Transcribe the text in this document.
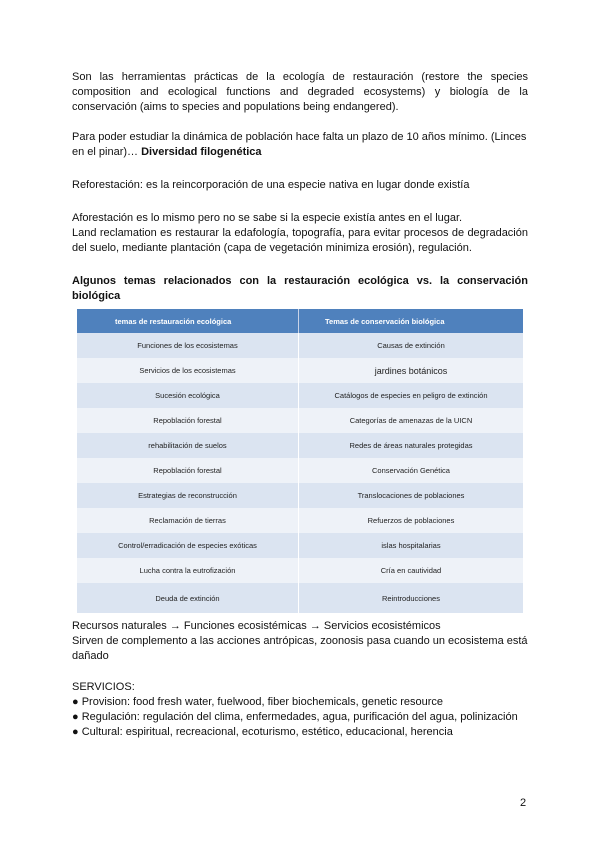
Son las herramientas prácticas de la ecología de restauración (restore the species composition and ecological functions and degraded ecosystems) y biología de la conservación (aims to species and populations being endangered).

Para poder estudiar la dinámica de población hace falta un plazo de 10 años mínimo. (Linces en el pinar)… Diversidad filogenética

Reforestación: es la reincorporación de una especie nativa en lugar donde existía

Aforestación es lo mismo pero no se sabe si la especie existía antes en el lugar.

Land reclamation es restaurar la edafología, topografía, para evitar procesos de degradación del suelo, mediante plantación (capa de vegetación minimiza erosión), regulación.

Algunos temas relacionados con la restauración ecológica vs. la conservación biológica
temas de restauración ecológica	Temas de conservación biológica
Funciones de los ecosistemas	Causas de extinción
Servicios de los ecosistemas	jardines botánicos
Sucesión ecológica	Catálogos de especies en peligro de extinción
Repoblación forestal	Categorías de amenazas de la UICN
rehabilitación de suelos	Redes de áreas naturales protegidas
Repoblación forestal	Conservación Genética
Estrategias de reconstrucción	Translocaciones de poblaciones
Reclamación de tierras	Refuerzos de poblaciones
Control/erradicación de especies exóticas	islas hospitalarias
Lucha contra la eutrofización	Cría en cautividad
Deuda de extinción	Reintroducciones

Recursos naturales → Funciones ecosistémicas → Servicios ecosistémicos

Sirven de complemento a las acciones antrópicas, zoonosis pasa cuando un ecosistema está dañado

SERVICIOS:

● Provision: food fresh water, fuelwood, fiber biochemicals, genetic resource

● Regulación: regulación del clima, enfermedades, agua, purificación del agua, polinización

● Cultural: espiritual, recreacional, ecoturismo, estético, educacional, herencia

2
